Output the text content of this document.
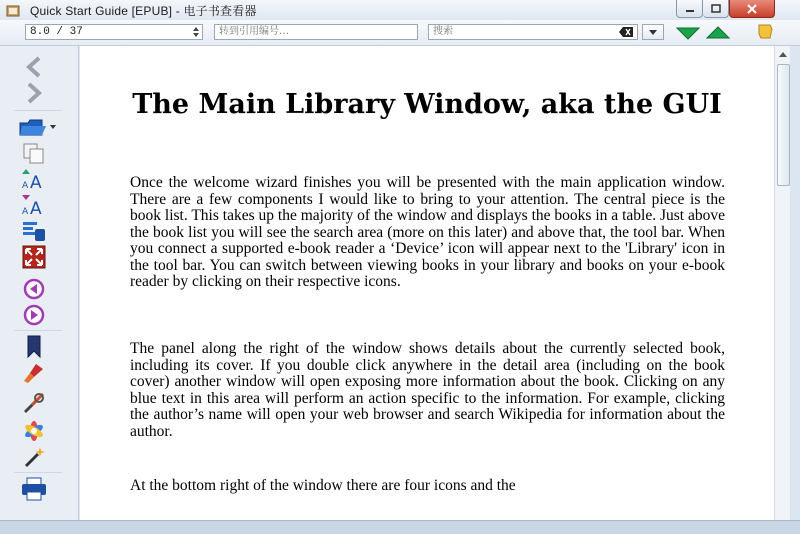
Quick Start Guide [EPUB] - 电子书查看器
8.0 / 37	转到引用编号…	搜索
A A
A A
The Main Library Window, aka the GUI

Once the welcome wizard finishes you will be presented with the main application window. There are a few components I would like to bring to your attention. The central piece is the book list. This takes up the majority of the window and displays the books in a table. Just above the book list you will see the search area (more on this later) and above that, the tool bar. When you connect a supported e-book reader a ‘Device’ icon will appear next to the 'Library' icon in the tool bar. You can switch between viewing books in your library and books on your e-book reader by clicking on their respective icons.

The panel along the right of the window shows details about the currently selected book, including its cover. If you double click anywhere in the detail area (including on the book cover) another window will open exposing more information about the book. Clicking on any blue text in this area will perform an action specific to the information. For example, clicking the author’s name will open your web browser and search Wikipedia for information about the author.

At the bottom right of the window there are four icons and the
